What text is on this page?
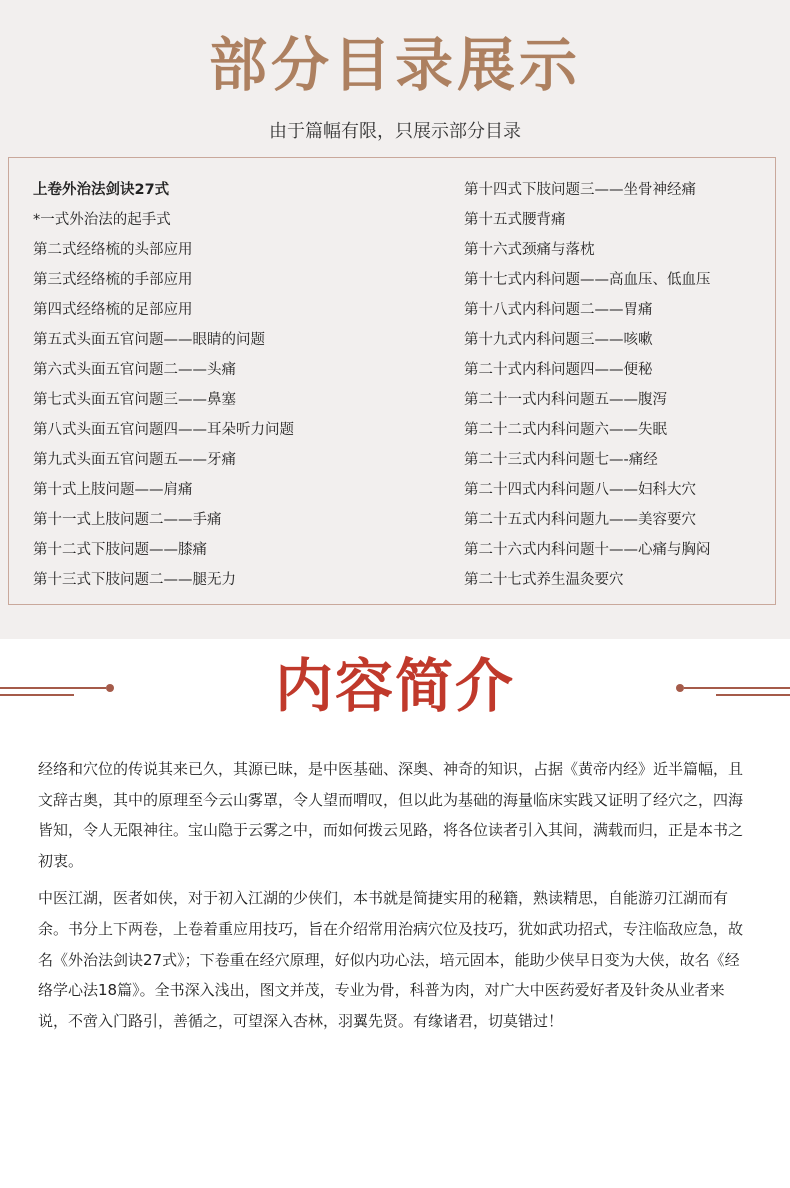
部分目录展示
由于篇幅有限，只展示部分目录
上卷外治法剑诀27式
*一式外治法的起手式
第二式经络梳的头部应用
第三式经络梳的手部应用
第四式经络梳的足部应用
第五式头面五官问题——眼睛的问题
第六式头面五官问题二——头痛
第七式头面五官问题三——鼻塞
第八式头面五官问题四——耳朵听力问题
第九式头面五官问题五——牙痛
第十式上肢问题——肩痛
第十一式上肢问题二——手痛
第十二式下肢问题——膝痛
第十三式下肢问题二——腿无力
第十四式下肢问题三——坐骨神经痛
第十五式腰背痛
第十六式颈痛与落枕
第十七式内科问题——高血压、低血压
第十八式内科问题二——胃痛
第十九式内科问题三——咳嗽
第二十式内科问题四——便秘
第二十一式内科问题五——腹泻
第二十二式内科问题六——失眠
第二十三式内科问题七—-痛经
第二十四式内科问题八——妇科大穴
第二十五式内科问题九——美容要穴
第二十六式内科问题十——心痛与胸闷
第二十七式养生温灸要穴
内容简介

经络和穴位的传说其来已久，其源已昧，是中医基础、深奥、神奇的知识，占据《黄帝内经》近半篇幅，且文辞古奥，其中的原理至今云山雾罩，令人望而喟叹，但以此为基础的海量临床实践又证明了经穴之，四海皆知，令人无限神往。宝山隐于云雾之中，而如何拨云见路，将各位读者引入其间，满载而归，正是本书之初衷。

中医江湖，医者如侠，对于初入江湖的少侠们，本书就是简捷实用的秘籍，熟读精思，自能游刃江湖而有余。书分上下两卷，上卷着重应用技巧，旨在介绍常用治病穴位及技巧，犹如武功招式，专注临敌应急，故名《外治法剑诀27式》；下卷重在经穴原理，好似内功心法，培元固本，能助少侠早日变为大侠，故名《经络学心法18篇》。全书深入浅出，图文并茂，专业为骨，科普为肉，对广大中医药爱好者及针灸从业者来说，不啻入门路引，善循之，可望深入杏林，羽翼先贤。有缘诸君，切莫错过！
